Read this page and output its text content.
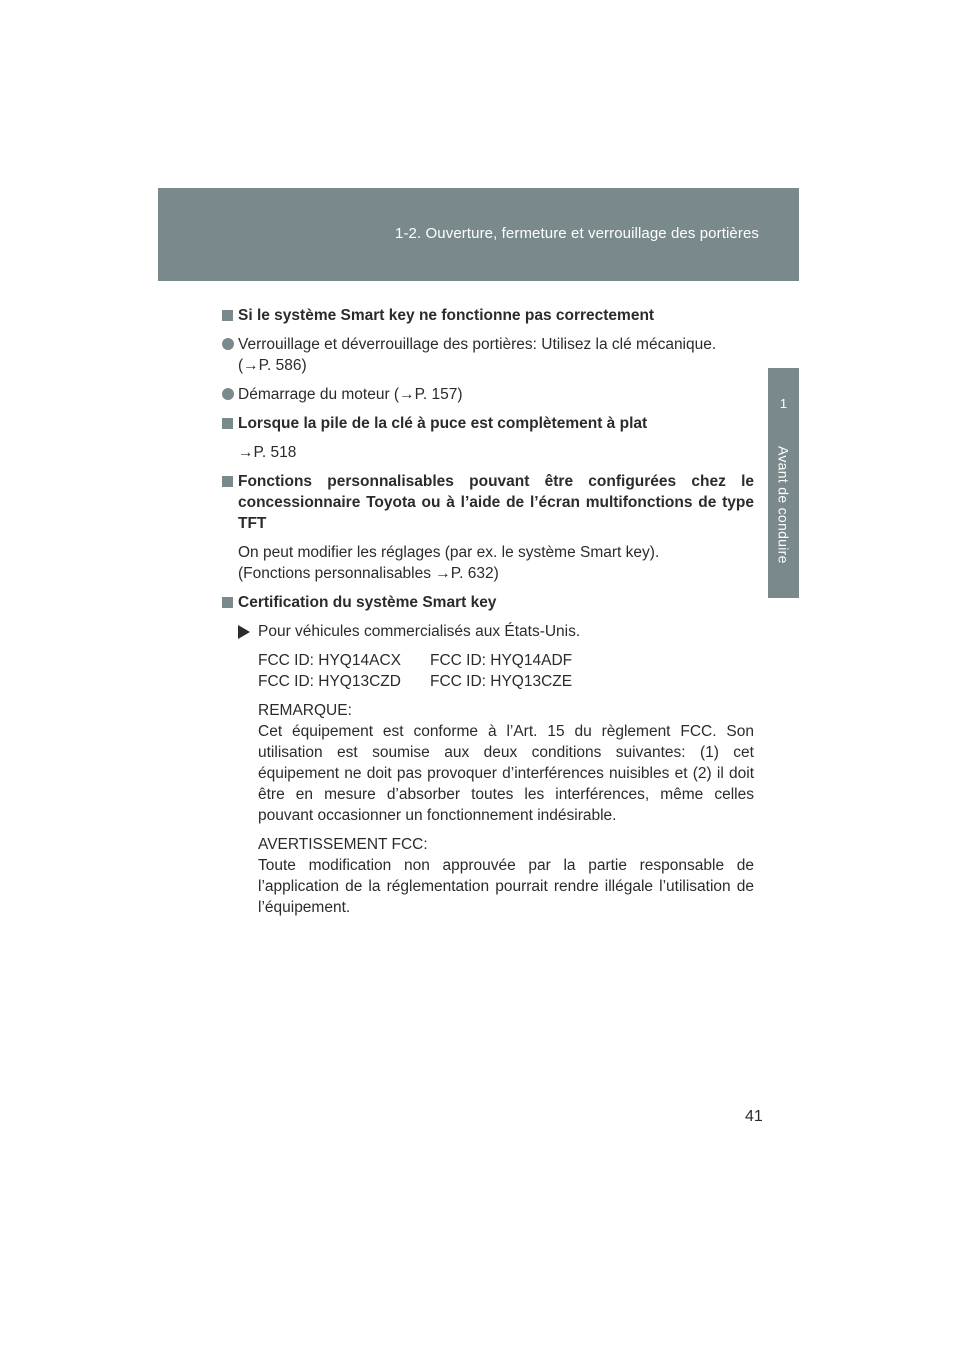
1-2. Ouverture, fermeture et verrouillage des portières
1
Avant de conduire
Si le système Smart key ne fonctionne pas correctement
Verrouillage et déverrouillage des portières: Utilisez la clé mécanique.
(→P. 586)
Démarrage du moteur (→P. 157)
Lorsque la pile de la clé à puce est complètement à plat
→P. 518
Fonctions personnalisables pouvant être configurées chez le concessionnaire Toyota ou à l’aide de l’écran multifonctions de type TFT
On peut modifier les réglages (par ex. le système Smart key).
(Fonctions personnalisables →P. 632)
Certification du système Smart key
Pour véhicules commercialisés aux États-Unis.
FCC ID: HYQ14ACX	FCC ID: HYQ14ADF
FCC ID: HYQ13CZD	FCC ID: HYQ13CZE
REMARQUE:
Cet équipement est conforme à l’Art. 15 du règlement FCC. Son utilisation est soumise aux deux conditions suivantes: (1) cet équipement ne doit pas provoquer d’interférences nuisibles et (2) il doit être en mesure d’absorber toutes les interférences, même celles pouvant occasionner un fonctionnement indésirable.
AVERTISSEMENT FCC:
Toute modification non approuvée par la partie responsable de l’application de la réglementation pourrait rendre illégale l’utilisation de l’équipement.
41
